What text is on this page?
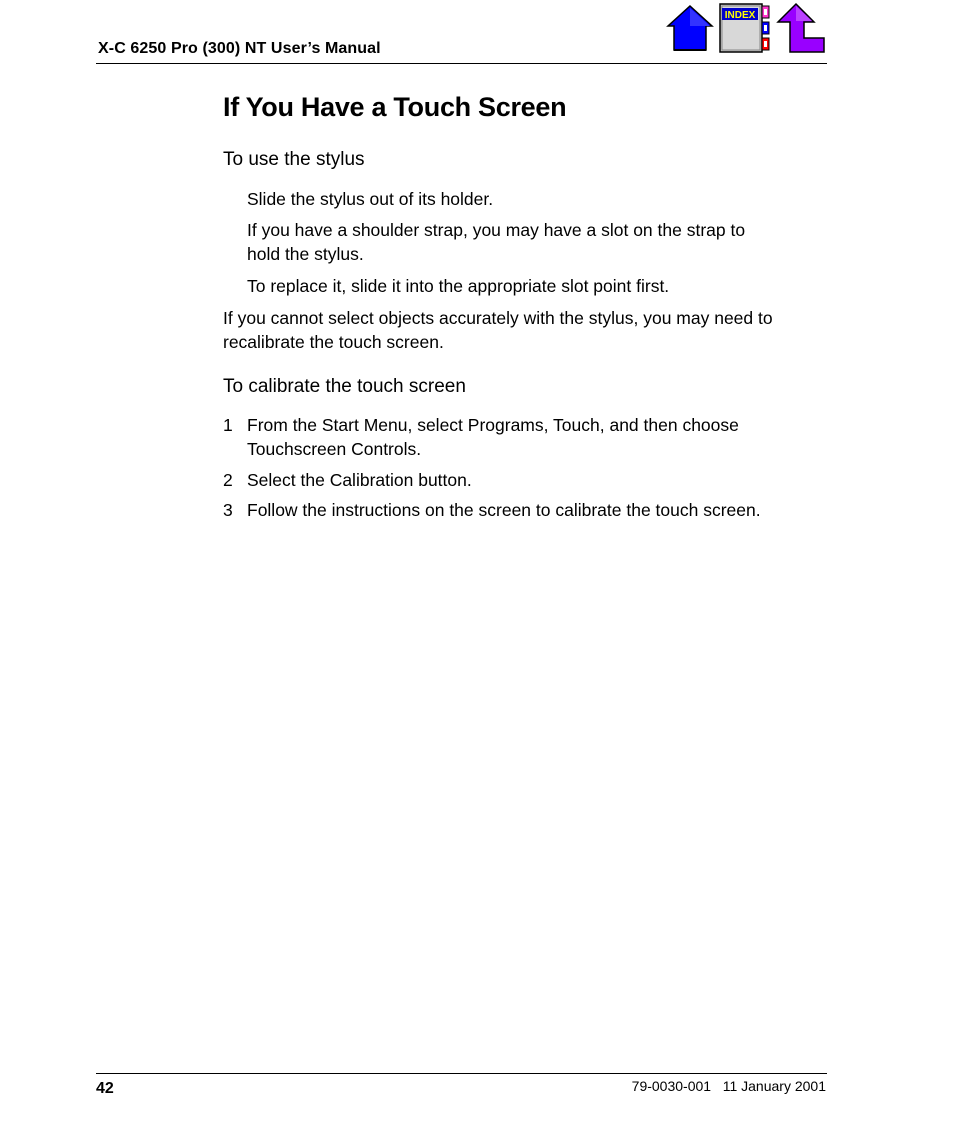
X-C 6250 Pro (300) NT User’s Manual
INDEX
If You Have a Touch Screen
To use the stylus
Slide the stylus out of its holder.
If you have a shoulder strap, you may have a slot on the strap to
hold the stylus.
To replace it, slide it into the appropriate slot point first.
If you cannot select objects accurately with the stylus, you may need to
recalibrate the touch screen.
To calibrate the touch screen
1 From the Start Menu, select Programs, Touch, and then choose
Touchscreen Controls.
2 Select the Calibration button.
3 Follow the instructions on the screen to calibrate the touch screen.
42	79-0030-001   11 January 2001
